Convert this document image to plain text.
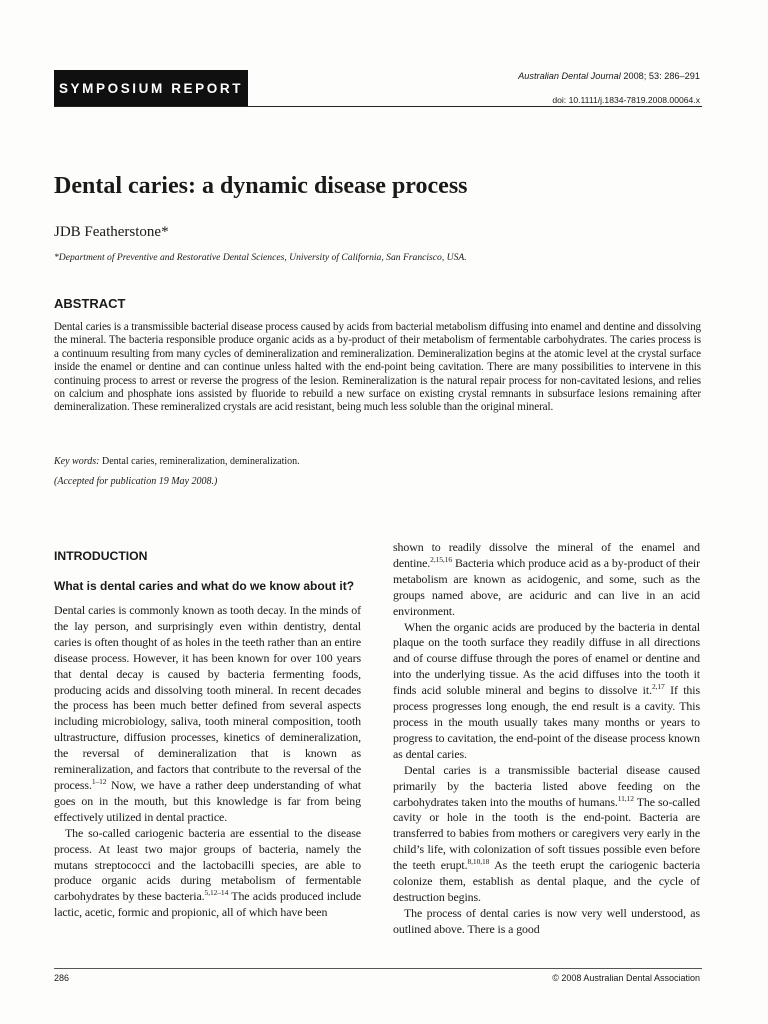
SYMPOSIUM REPORT
Australian Dental Journal 2008; 53: 286–291
doi: 10.1111/j.1834-7819.2008.00064.x
Dental caries: a dynamic disease process
JDB Featherstone*
*Department of Preventive and Restorative Dental Sciences, University of California, San Francisco, USA.
ABSTRACT
Dental caries is a transmissible bacterial disease process caused by acids from bacterial metabolism diffusing into enamel and dentine and dissolving the mineral. The bacteria responsible produce organic acids as a by-product of their metabolism of fermentable carbohydrates. The caries process is a continuum resulting from many cycles of demineralization and remineralization. Demineralization begins at the atomic level at the crystal surface inside the enamel or dentine and can continue unless halted with the end-point being cavitation. There are many possibilities to intervene in this continuing process to arrest or reverse the progress of the lesion. Remineralization is the natural repair process for non-cavitated lesions, and relies on calcium and phosphate ions assisted by fluoride to rebuild a new surface on existing crystal remnants in subsurface lesions remaining after demineralization. These remineralized crystals are acid resistant, being much less soluble than the original mineral.
Key words: Dental caries, remineralization, demineralization.
(Accepted for publication 19 May 2008.)
INTRODUCTION
What is dental caries and what do we know about it?

Dental caries is commonly known as tooth decay. In the minds of the lay person, and surprisingly even within dentistry, dental caries is often thought of as holes in the teeth rather than an entire disease process. However, it has been known for over 100 years that dental decay is caused by bacteria fermenting foods, producing acids and dissolving tooth mineral. In recent decades the process has been much better defined from several aspects including microbiology, saliva, tooth mineral composition, tooth ultrastructure, diffusion processes, kinetics of demineralization, the reversal of demineralization that is known as remineralization, and factors that contribute to the reversal of the process.$^{1-12}$ Now, we have a rather deep understanding of what goes on in the mouth, but this knowledge is far from being effectively utilized in dental practice.

The so-called cariogenic bacteria are essential to the disease process. At least two major groups of bacteria, namely the mutans streptococci and the lactobacilli species, are able to produce organic acids during metabolism of fermentable carbohydrates by these bacteria.$^{5,12-14}$ The acids produced include lactic, acetic, formic and propionic, all of which have been

shown to readily dissolve the mineral of the enamel and dentine.$^{2,15,16}$ Bacteria which produce acid as a by-product of their metabolism are known as acidogenic, and some, such as the groups named above, are aciduric and can live in an acid environment.

When the organic acids are produced by the bacteria in dental plaque on the tooth surface they readily diffuse in all directions and of course diffuse through the pores of enamel or dentine and into the underlying tissue. As the acid diffuses into the tooth it finds acid soluble mineral and begins to dissolve it.$^{2,17}$ If this process progresses long enough, the end result is a cavity. This process in the mouth usually takes many months or years to progress to cavitation, the end-point of the disease process known as dental caries.

Dental caries is a transmissible bacterial disease caused primarily by the bacteria listed above feeding on the carbohydrates taken into the mouths of humans.$^{11,12}$ The so-called cavity or hole in the tooth is the end-point. Bacteria are transferred to babies from mothers or caregivers very early in the child’s life, with colonization of soft tissues possible even before the teeth erupt.$^{8,10,18}$ As the teeth erupt the cariogenic bacteria colonize them, establish as dental plaque, and the cycle of destruction begins.

The process of dental caries is now very well understood, as outlined above. There is a good

286	© 2008 Australian Dental Association
